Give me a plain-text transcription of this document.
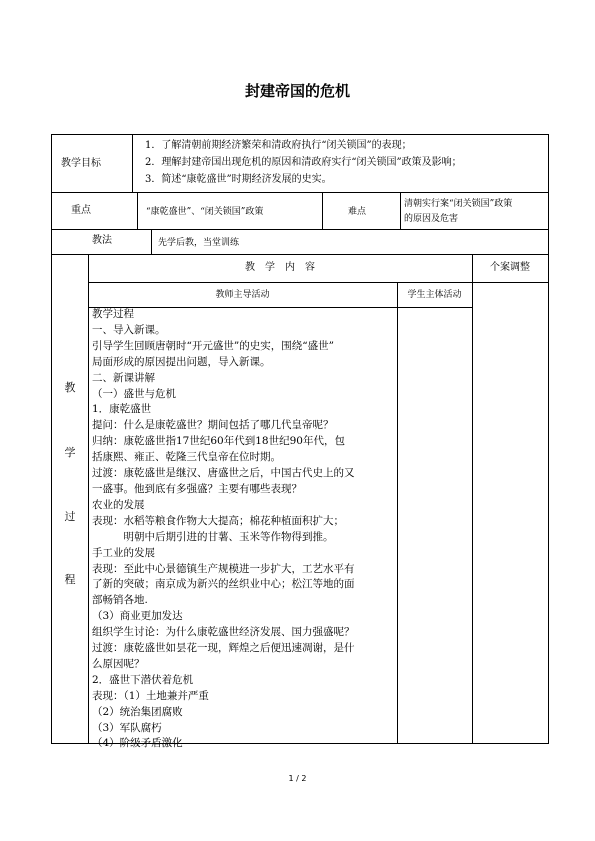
封建帝国的危机
教学目标
1．了解清朝前期经济繁荣和清政府执行“闭关锁国”的表现；
2．理解封建帝国出现危机的原因和清政府实行“闭关锁国”政策及影响；
3．简述“康乾盛世”时期经济发展的史实。
重点	“康乾盛世”、“闭关锁国”政策	难点
清朝实行案“闭关锁国”政策
的原因及危害
教法	先学后教，当堂训练
教
学
过
程
教　学　内　容	个案调整
教师主导活动	学生主体活动
教学过程
一、导入新课。
引导学生回顾唐朝时“开元盛世”的史实，围绕“盛世”
局面形成的原因提出问题，导入新课。
二、新课讲解
（一）盛世与危机
1．康乾盛世
提问：什么是康乾盛世？期间包括了哪几代皇帝呢？
归纳：康乾盛世指17世纪60年代到18世纪90年代，包
括康熙、雍正、乾隆三代皇帝在位时期。
过渡：康乾盛世是继汉、唐盛世之后，中国古代史上的又
一盛事。他到底有多强盛？主要有哪些表现？
农业的发展
表现：水稻等粮食作物大大提高；棉花种植面积扩大；
　　　明朝中后期引进的甘薯、玉米等作物得到推。
手工业的发展
表现：至此中心景德镇生产规模进一步扩大，工艺水平有
了新的突破；南京成为新兴的丝织业中心；松江等地的面
部畅销各地.
（3）商业更加发达
组织学生讨论：为什么康乾盛世经济发展、国力强盛呢？
过渡：康乾盛世如昙花一现，辉煌之后便迅速凋谢，是什
么原因呢？
2．盛世下潜伏着危机
表现：（1）土地兼并严重
（2）统治集团腐败
（3）军队腐朽
（4）阶级矛盾激化
1 / 2
